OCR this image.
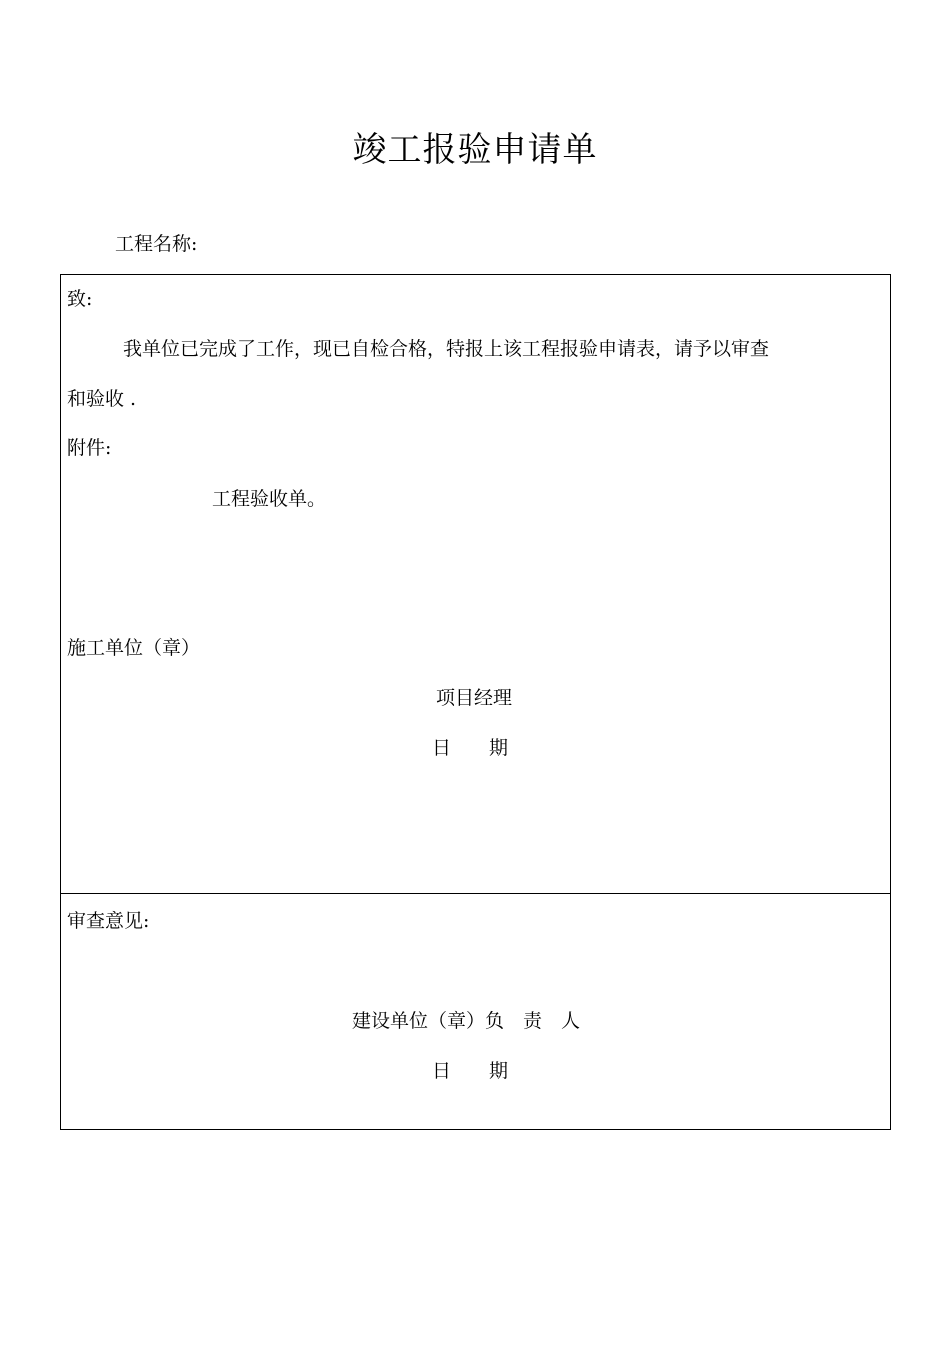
竣工报验申请单
工程名称:
致:
我单位已完成了工作，现已自检合格，特报上该工程报验申请表，请予以审查
和验收 .
附件:
工程验收单。
施工单位（章）
项目经理
日　　期
审查意见:
建设单位（章）负　责　人
日　　期
